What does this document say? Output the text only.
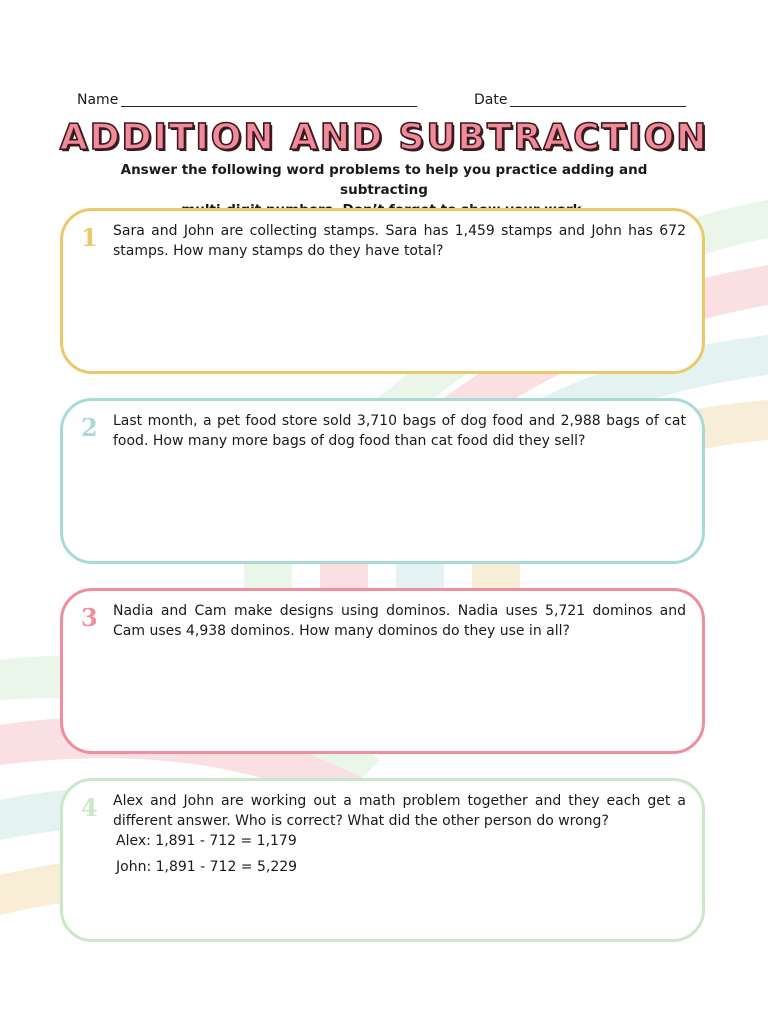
Name	Date
ADDITION AND SUBTRACTION
Answer the following word problems to help you practice adding and subtracting
1 Sara and John are collecting stamps. Sara has 1,459 stamps and John has 672 stamps. How many stamps do they have total?
2 Last month, a pet food store sold 3,710 bags of dog food and 2,988 bags of cat food. How many more bags of dog food than cat food did they sell?
3 Nadia and Cam make designs using dominos. Nadia uses 5,721 dominos and Cam uses 4,938 dominos. How many dominos do they use in all?
4 Alex and John are working out a math problem together and they each get a different answer. Who is correct? What did the other person do wrong?
Alex: 1,891 - 712 = 1,179
John: 1,891 - 712 = 5,229
